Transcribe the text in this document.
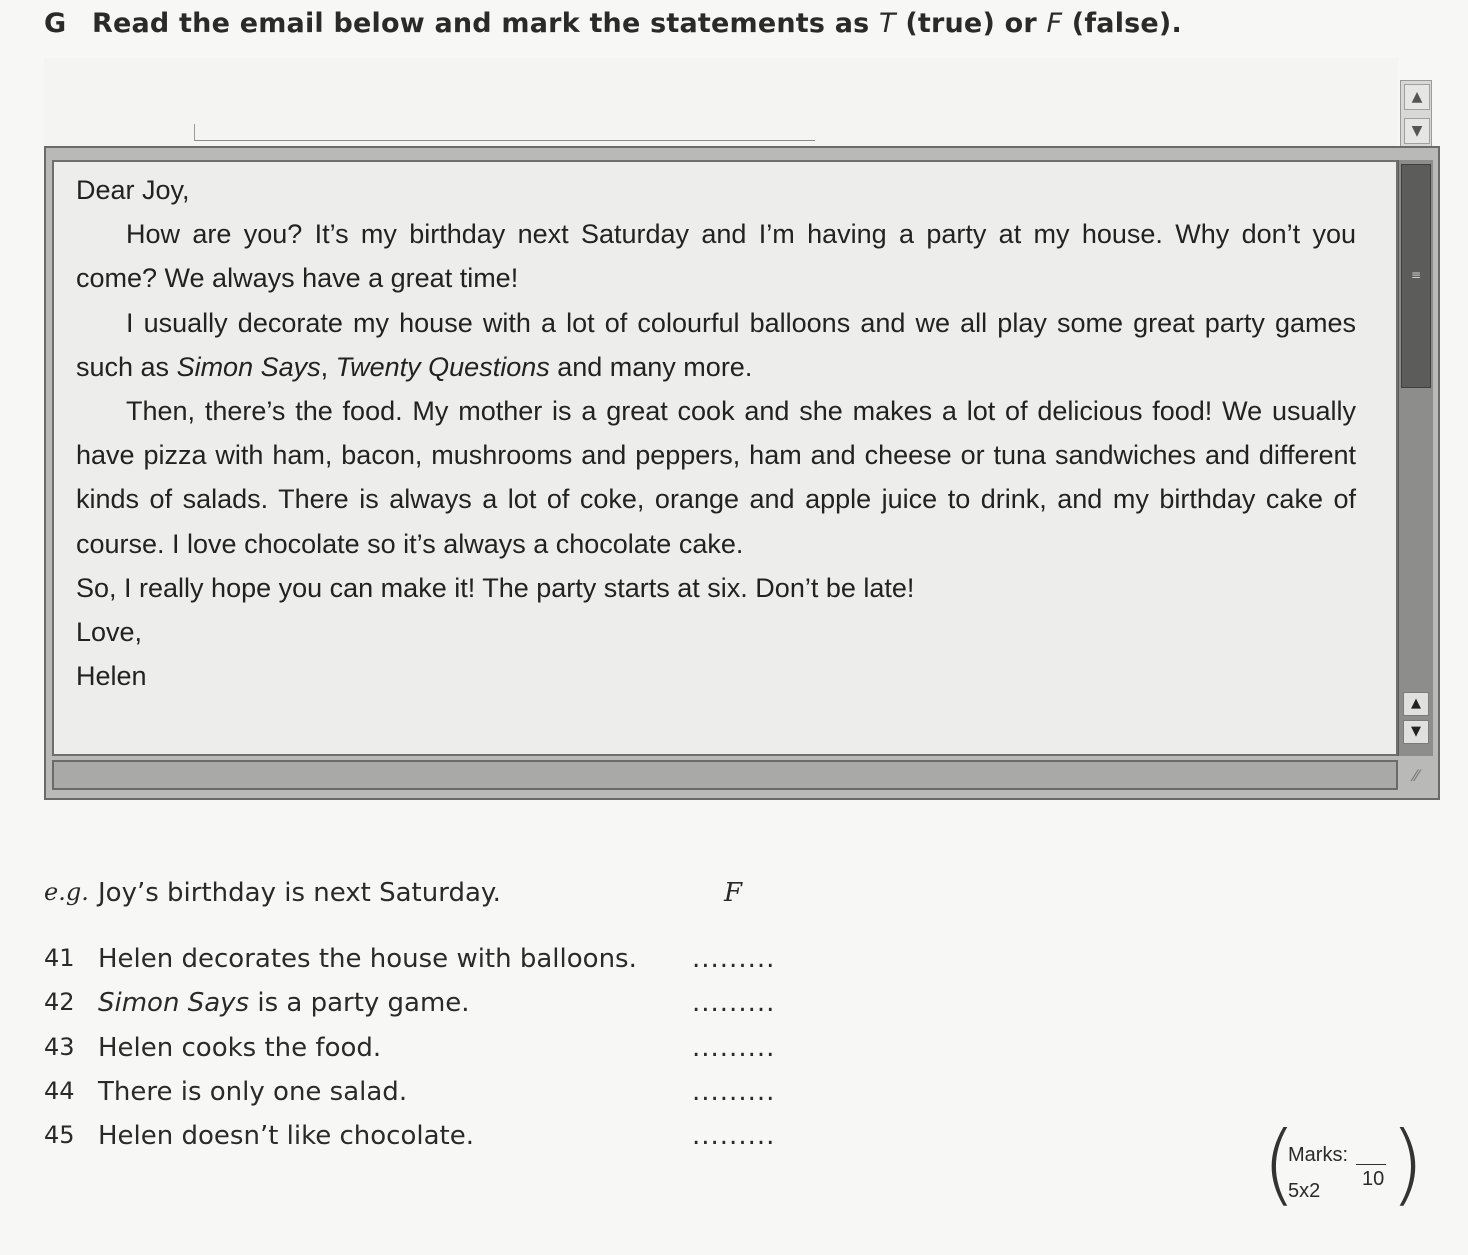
G Read the email below and mark the statements as T (true) or F (false).
▲
▼

Dear Joy,

How are you? It’s my birthday next Saturday and I’m having a party at my house. Why don’t you come? We always have a great time!

I usually decorate my house with a lot of colourful balloons and we all play some great party games such as Simon Says, Twenty Questions and many more.

Then, there’s the food. My mother is a great cook and she makes a lot of delicious food! We usually have pizza with ham, bacon, mushrooms and peppers, ham and cheese or tuna sandwiches and different kinds of salads. There is always a lot of coke, orange and apple juice to drink, and my birthday cake of course. I love chocolate so it’s always a chocolate cake.

So, I really hope you can make it! The party starts at six. Don’t be late!

Love,

Helen

≡
▲
▼
⁄⁄
e.g. Joy’s birthday is next Saturday.	F
41 Helen decorates the house with balloons. .........
42 Simon Says is a party game.	.........
43 Helen cooks the food.	.........
44 There is only one salad.	.........
45 Helen doesn’t like chocolate.	.........	(
Marks:
10
5x2 )
